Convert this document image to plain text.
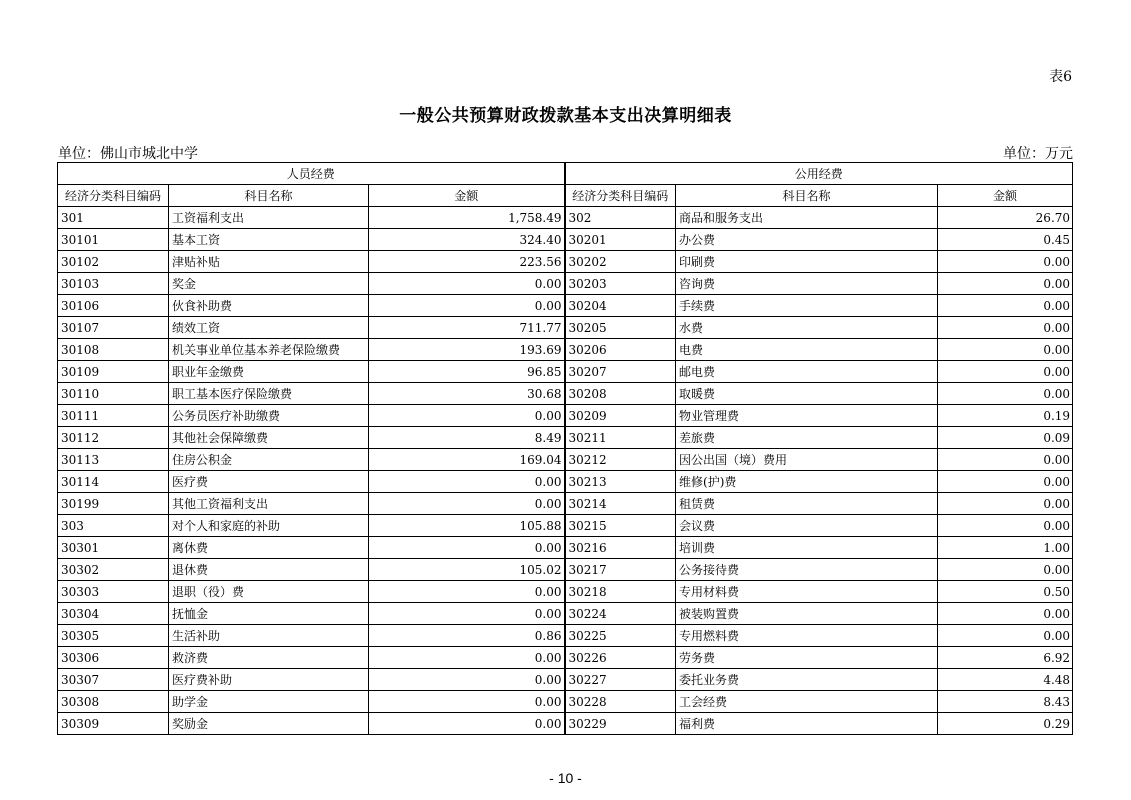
表6
一般公共预算财政拨款基本支出决算明细表
单位：佛山市城北中学	单位：万元
人员经费			公用经费		
经济分类科目编码	科目名称	金额	经济分类科目编码	科目名称	金额
301	工资福利支出	1,758.49	302	商品和服务支出	26.70
30101	基本工资	324.40	30201	办公费	0.45
30102	津贴补贴	223.56	30202	印刷费	0.00
30103	奖金	0.00	30203	咨询费	0.00
30106	伙食补助费	0.00	30204	手续费	0.00
30107	绩效工资	711.77	30205	水费	0.00
30108	机关事业单位基本养老保险缴费	193.69	30206	电费	0.00
30109	职业年金缴费	96.85	30207	邮电费	0.00
30110	职工基本医疗保险缴费	30.68	30208	取暖费	0.00
30111	公务员医疗补助缴费	0.00	30209	物业管理费	0.19
30112	其他社会保障缴费	8.49	30211	差旅费	0.09
30113	住房公积金	169.04	30212	因公出国（境）费用	0.00
30114	医疗费	0.00	30213	维修(护)费	0.00
30199	其他工资福利支出	0.00	30214	租赁费	0.00
303	对个人和家庭的补助	105.88	30215	会议费	0.00
30301	离休费	0.00	30216	培训费	1.00
30302	退休费	105.02	30217	公务接待费	0.00
30303	退职（役）费	0.00	30218	专用材料费	0.50
30304	抚恤金	0.00	30224	被装购置费	0.00
30305	生活补助	0.86	30225	专用燃料费	0.00
30306	救济费	0.00	30226	劳务费	6.92
30307	医疗费补助	0.00	30227	委托业务费	4.48
30308	助学金	0.00	30228	工会经费	8.43
30309	奖励金	0.00	30229	福利费	0.29
- 10 -
